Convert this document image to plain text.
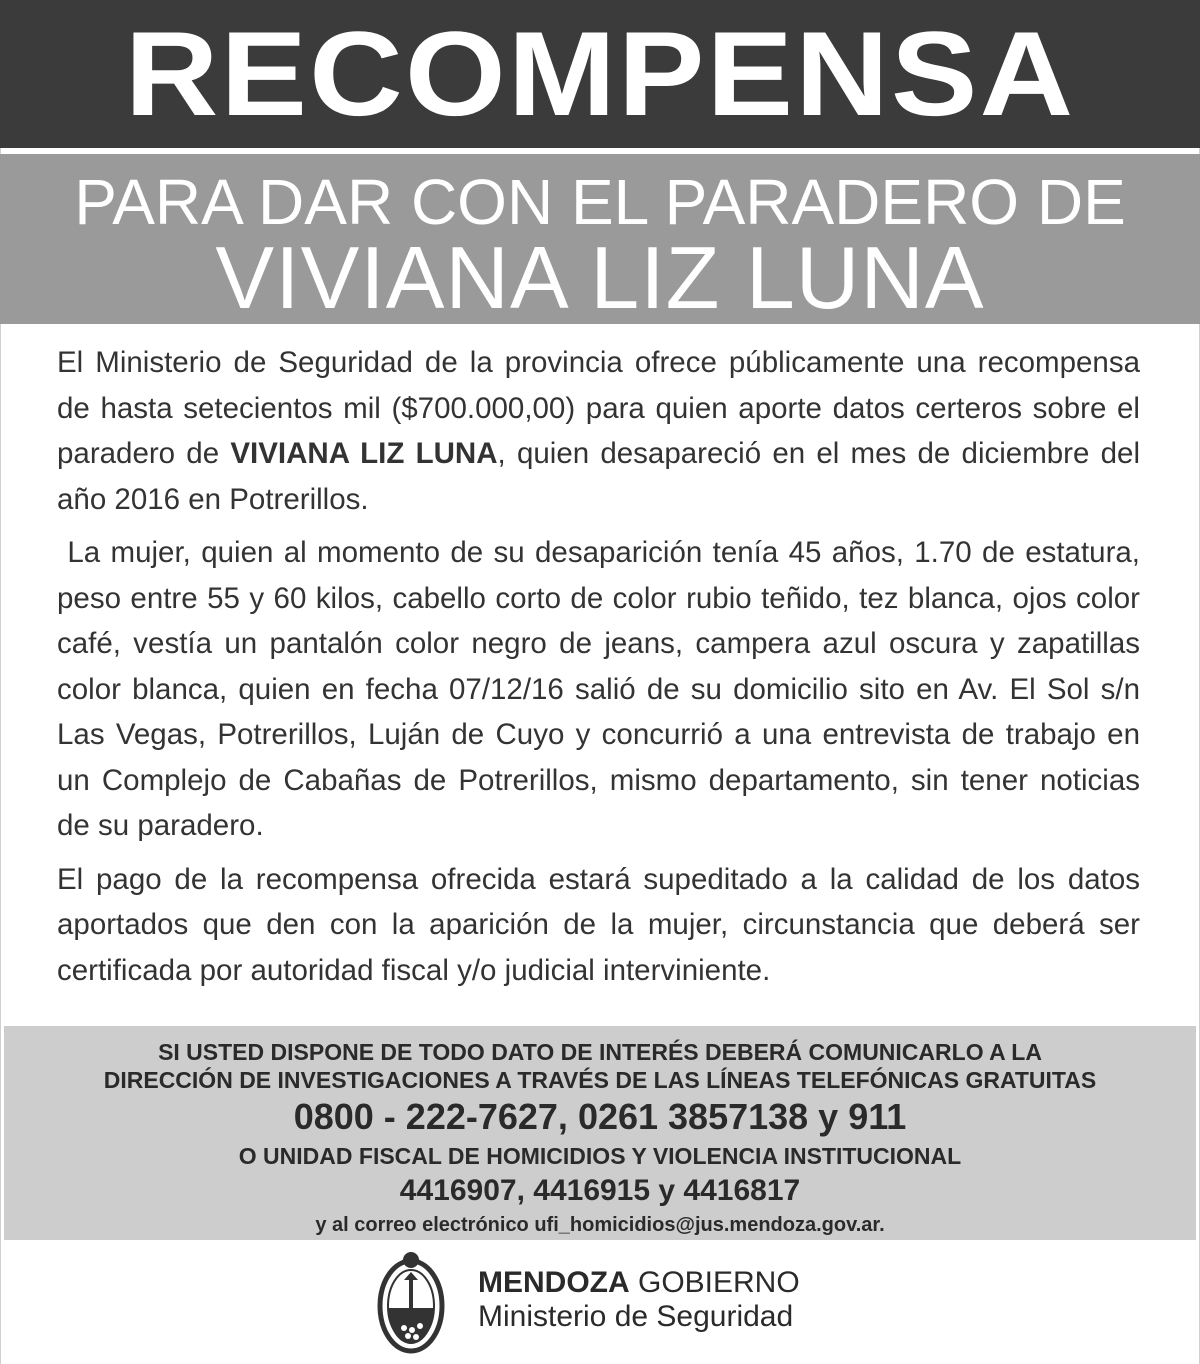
RECOMPENSA
PARA DAR CON EL PARADERO DE
VIVIANA LIZ LUNA

El Ministerio de Seguridad de la provincia ofrece públicamente una recompensa de hasta setecientos mil ($700.000,00) para quien aporte datos certeros sobre el paradero de VIVIANA LIZ LUNA, quien desapareció en el mes de diciembre del año 2016 en Potrerillos.

La mujer, quien al momento de su desaparición tenía 45 años, 1.70 de estatura, peso entre 55 y 60 kilos, cabello corto de color rubio teñido, tez blanca, ojos color café, vestía un pantalón color negro de jeans, campera azul oscura y zapatillas color blanca, quien en fecha 07/12/16 salió de su domicilio sito en Av. El Sol s/n Las Vegas, Potrerillos, Luján de Cuyo y concurrió a una entrevista de trabajo en un Complejo de Cabañas de Potrerillos, mismo departamento, sin tener noticias de su paradero.

El pago de la recompensa ofrecida estará supeditado a la calidad de los datos aportados que den con la aparición de la mujer, circunstancia que deberá ser certificada por autoridad fiscal y/o judicial interviniente.

SI USTED DISPONE DE TODO DATO DE INTERÉS DEBERÁ COMUNICARLO A LA
DIRECCIÓN DE INVESTIGACIONES A TRAVÉS DE LAS LÍNEAS TELEFÓNICAS GRATUITAS
0800 - 222-7627, 0261 3857138 y 911
O UNIDAD FISCAL DE HOMICIDIOS Y VIOLENCIA INSTITUCIONAL
4416907, 4416915 y 4416817
y al correo electrónico ufi_homicidios@jus.mendoza.gov.ar.
MENDOZA GOBIERNO
Ministerio de Seguridad
